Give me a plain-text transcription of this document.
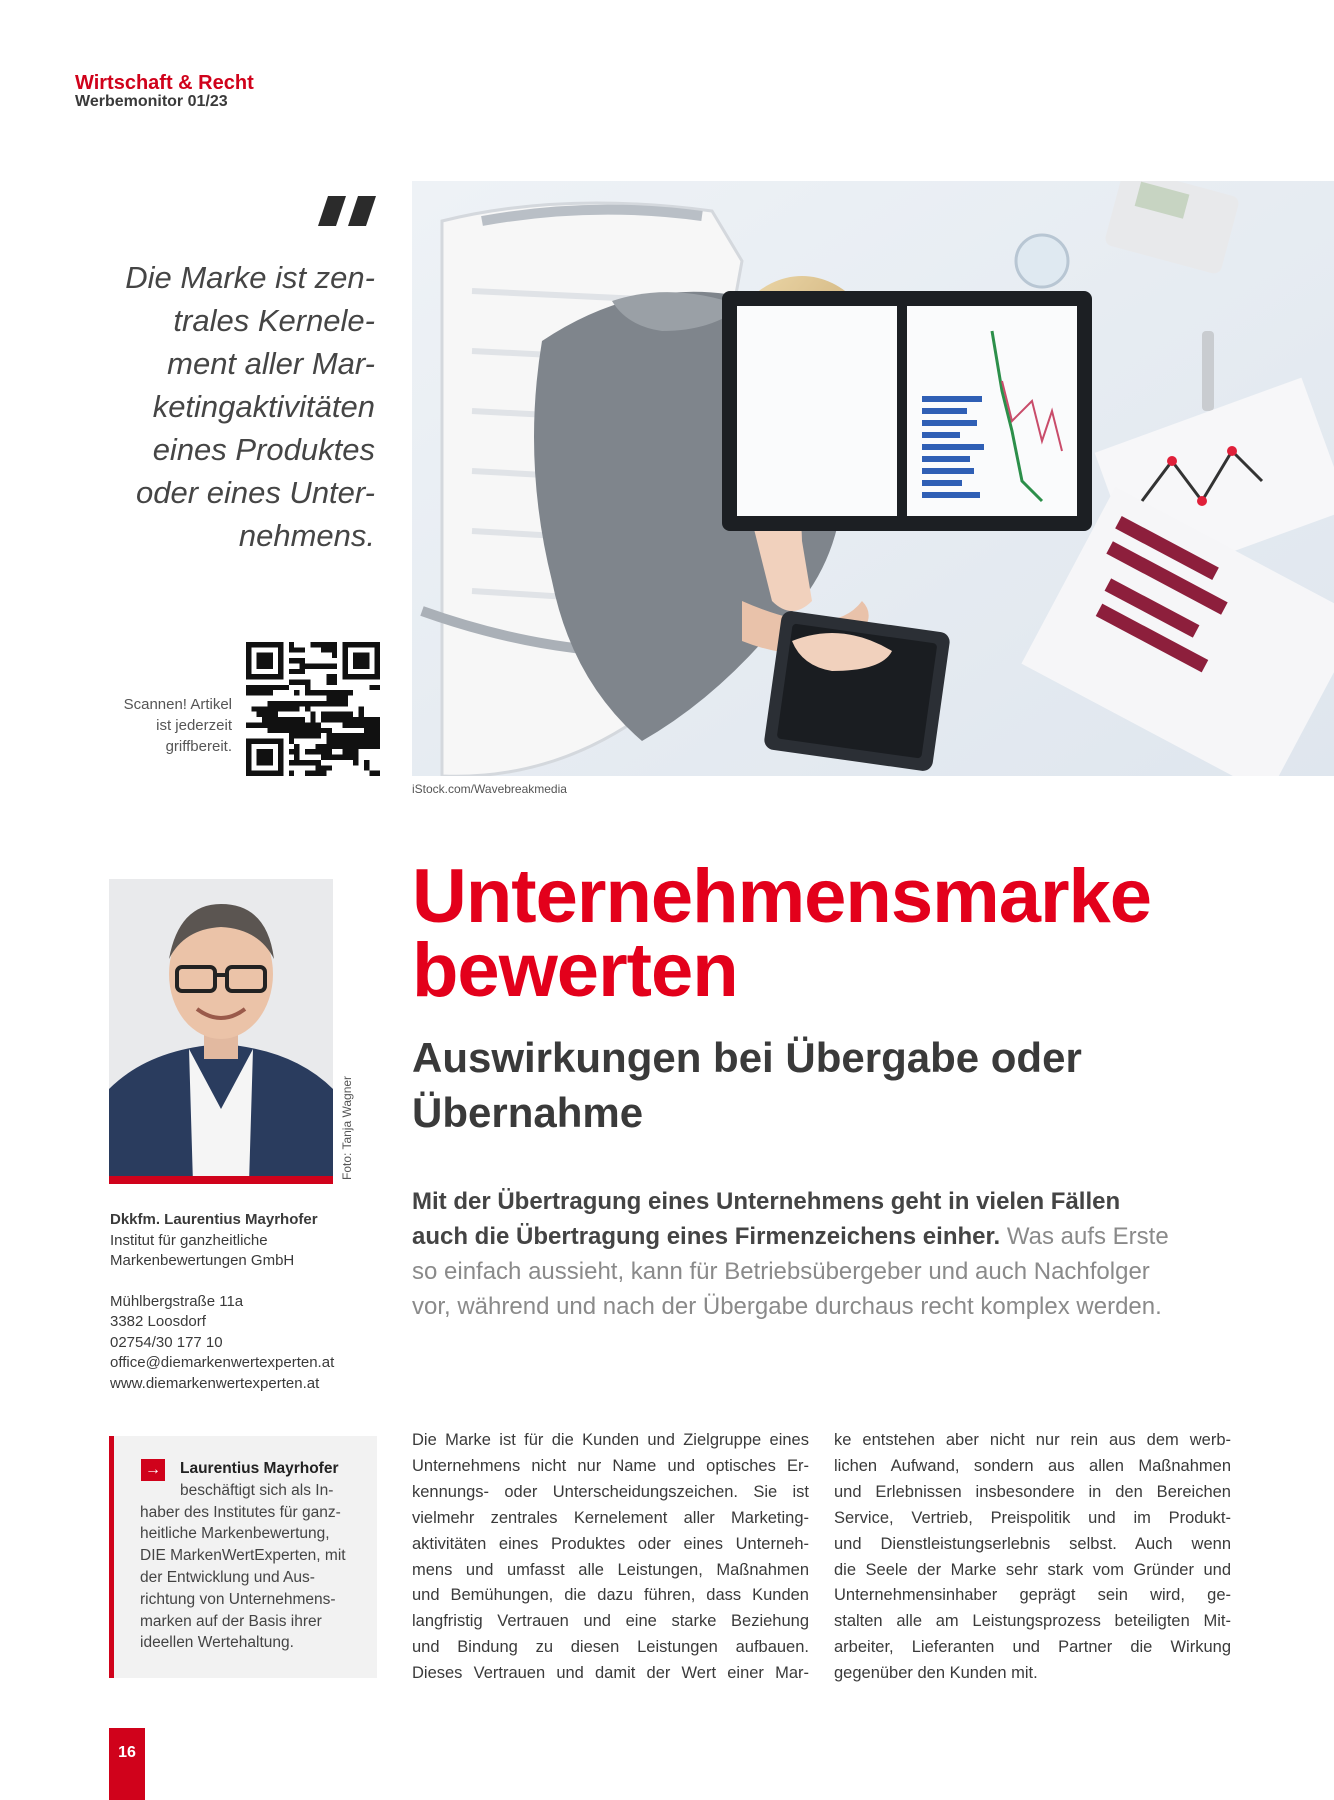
Wirtschaft & Recht
Werbemonitor 01/23
Die Marke ist zen-
trales Kernele-
ment aller Mar-
ketingaktivitäten
eines Produktes
oder eines Unter-
nehmens.
Scannen! Artikel
ist jederzeit
griffbereit.
iStock.com/Wavebreakmedia
Foto: Tanja Wagner
Dkkfm. Laurentius Mayrhofer
Institut für ganzheitliche
Markenbewertungen GmbH
Mühlbergstraße 11a
3382 Loosdorf
02754/30 177 10
office@diemarkenwertexperten.at
www.diemarkenwertexperten.at
→	Laurentius Mayrhofer
beschäftigt sich als In-
haber des Institutes für ganz-
heitliche Markenbewertung,
DIE MarkenWertExperten, mit
der Entwicklung und Aus-
richtung von Unternehmens-
marken auf der Basis ihrer
ideellen Wertehaltung.
Unternehmensmarke
bewerten
Auswirkungen bei Übergabe oder
Übernahme
Mit der Übertragung eines Unternehmens geht in vielen Fällen
auch die Übertragung eines Firmenzeichens einher. Was aufs Erste
so einfach aussieht, kann für Betriebsübergeber und auch Nachfolger
vor, während und nach der Übergabe durchaus recht komplex werden.
Die Marke ist für die Kunden und Zielgruppe eines
Unternehmens nicht nur Name und optisches Er-
kennungs- oder Unterscheidungszeichen. Sie ist
vielmehr zentrales Kernelement aller Marketing-
aktivitäten eines Produktes oder eines Unterneh-
mens und umfasst alle Leistungen, Maßnahmen
und Bemühungen, die dazu führen, dass Kunden
langfristig Vertrauen und eine starke Beziehung
und Bindung zu diesen Leistungen aufbauen.
Dieses Vertrauen und damit der Wert einer Mar-
ke entstehen aber nicht nur rein aus dem werb-
lichen Aufwand, sondern aus allen Maßnahmen
und Erlebnissen insbesondere in den Bereichen
Service, Vertrieb, Preispolitik und im Produkt-
und Dienstleistungserlebnis selbst. Auch wenn
die Seele der Marke sehr stark vom Gründer und
Unternehmensinhaber geprägt sein wird, ge-
stalten alle am Leistungsprozess beteiligten Mit-
arbeiter, Lieferanten und Partner die Wirkung
gegenüber den Kunden mit.
16
